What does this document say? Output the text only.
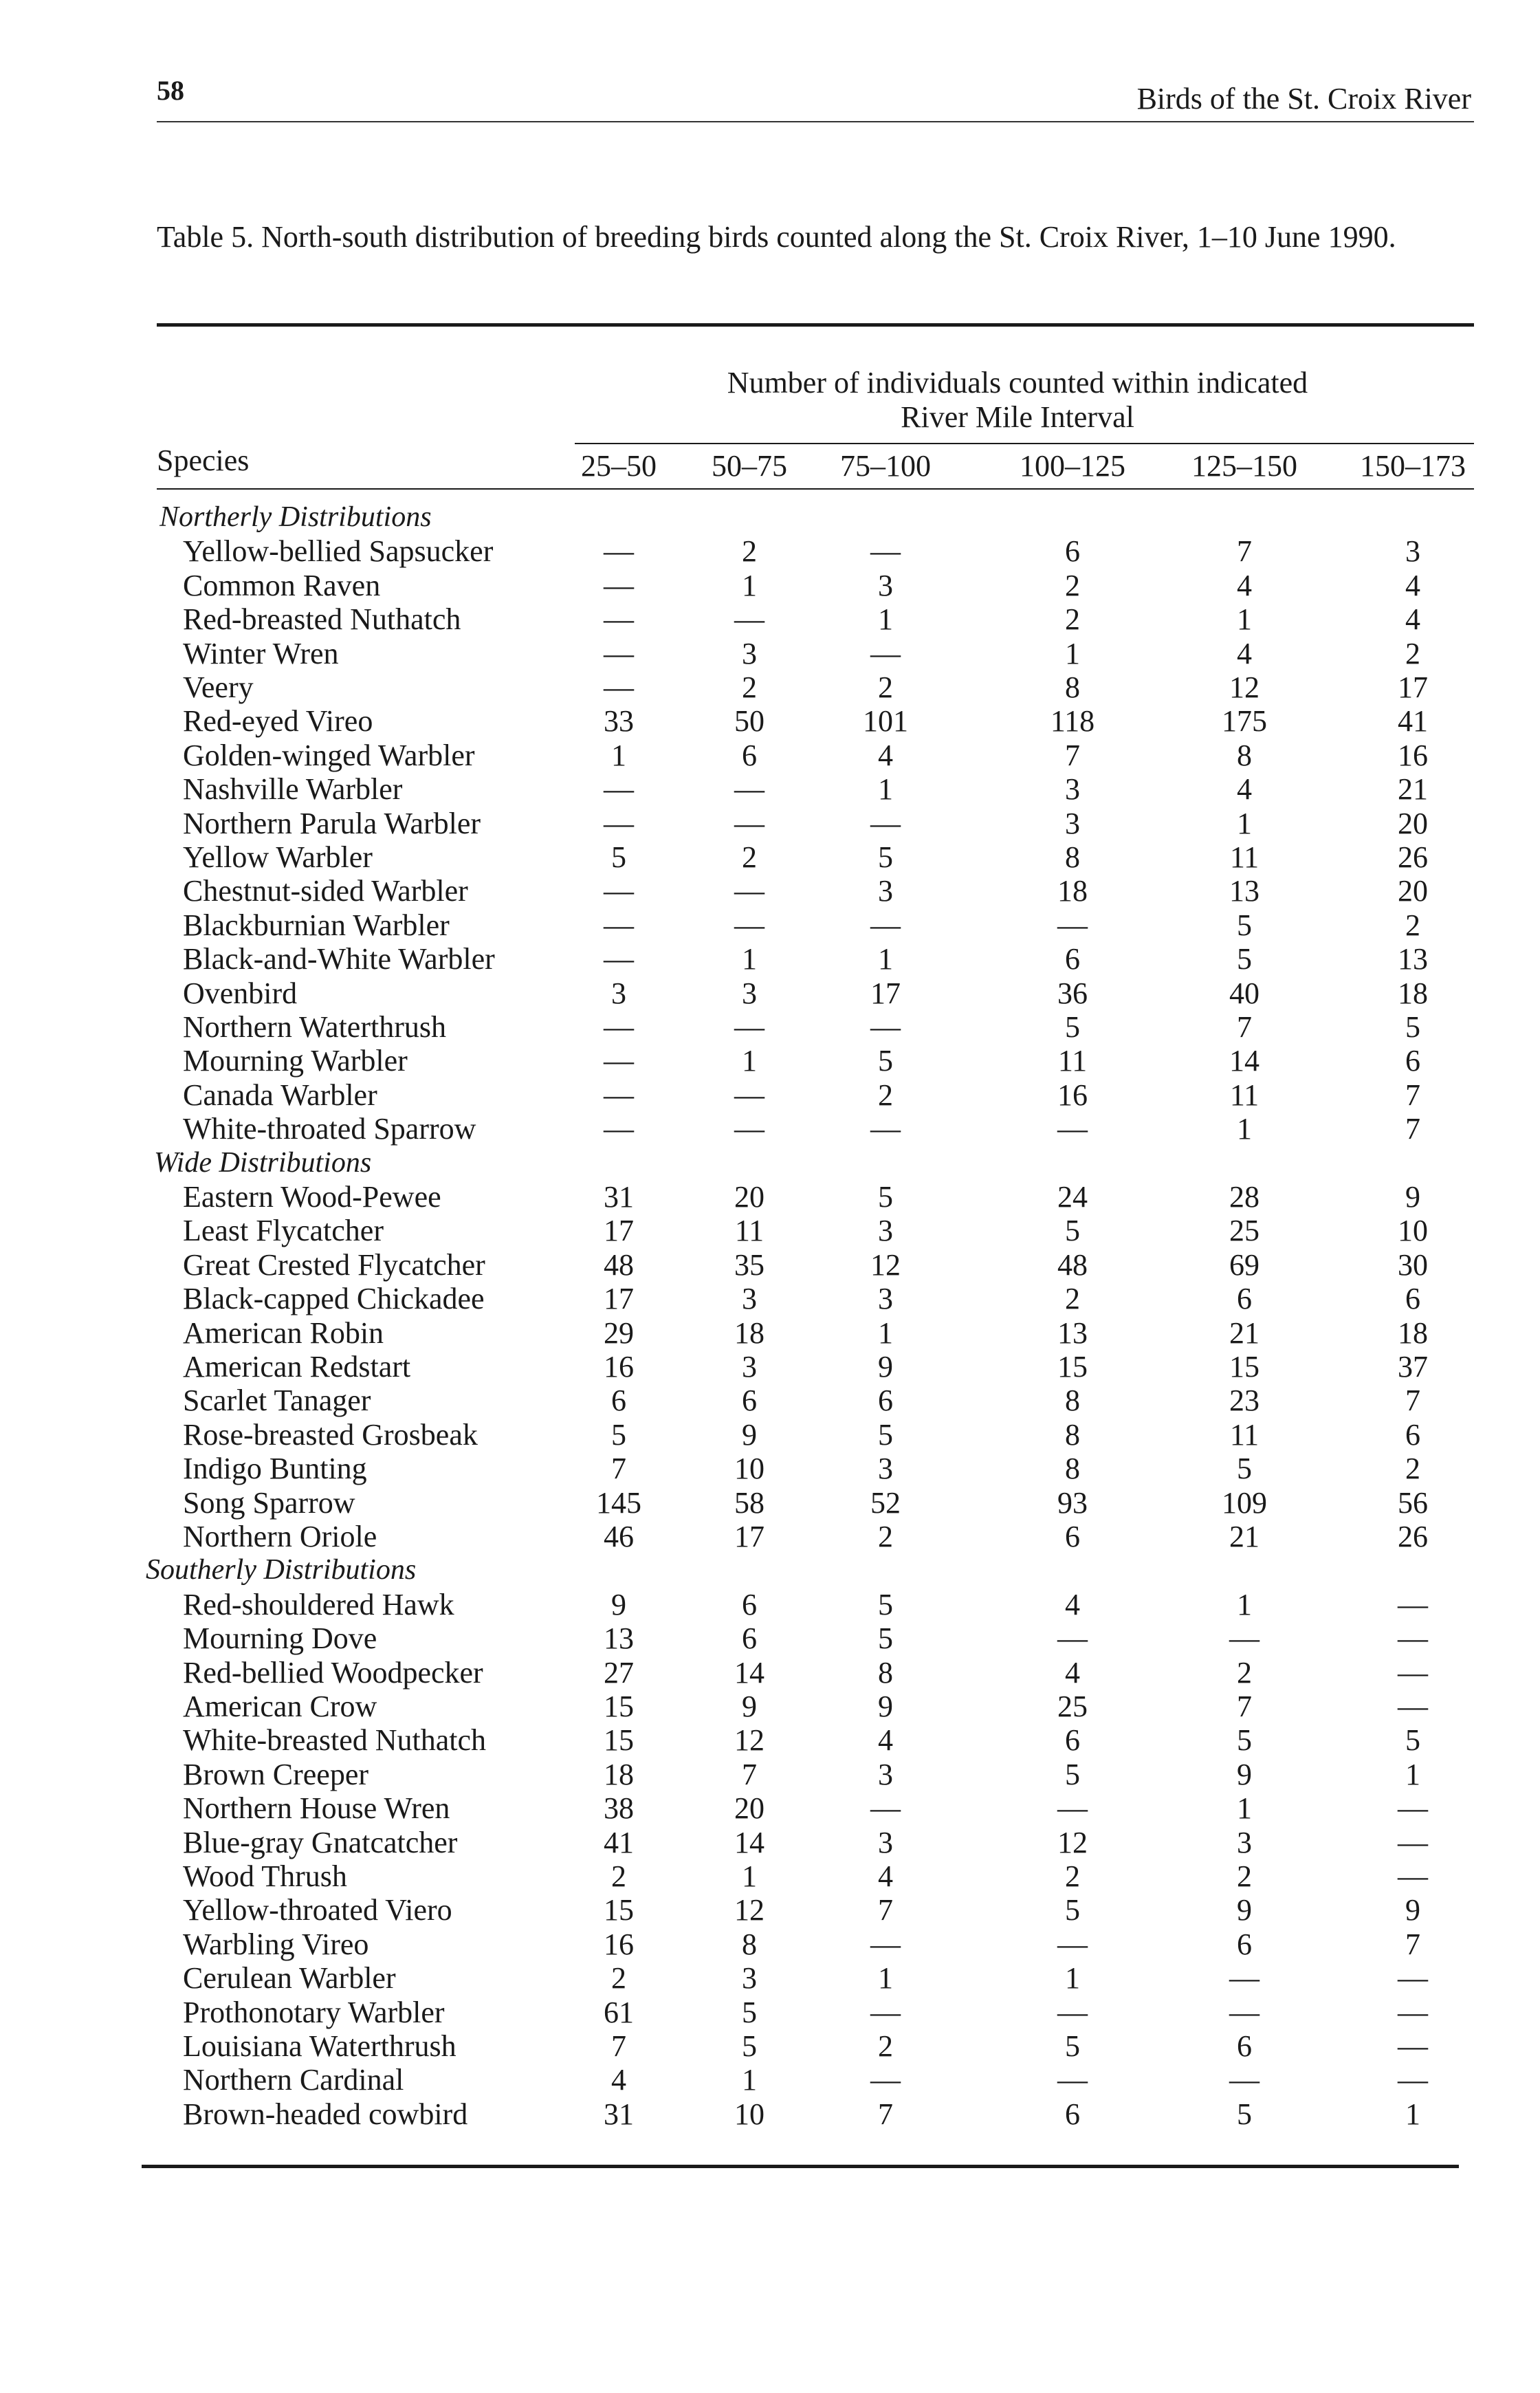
58	Birds of the St. Croix River
Table 5. North-south distribution of breeding birds counted along the St. Croix River, 1–10 June 1990.
Number of individuals counted within indicated
River Mile Interval
Species	25–50	50–75	75–100	100–125	125–150	150–173
Northerly Distributions
Yellow-bellied Sapsucker	—	2	—	6	7	3
Common Raven	—	1	3	2	4	4
Red-breasted Nuthatch	—	—	1	2	1	4
Winter Wren	—	3	—	1	4	2
Veery	—	2	2	8	12	17
Red-eyed Vireo	33	50	101	118	175	41
Golden-winged Warbler	1	6	4	7	8	16
Nashville Warbler	—	—	1	3	4	21
Northern Parula Warbler	—	—	—	3	1	20
Yellow Warbler	5	2	5	8	11	26
Chestnut-sided Warbler	—	—	3	18	13	20
Blackburnian Warbler	—	—	—	—	5	2
Black-and-White Warbler	—	1	1	6	5	13
Ovenbird	3	3	17	36	40	18
Northern Waterthrush	—	—	—	5	7	5
Mourning Warbler	—	1	5	11	14	6
Canada Warbler	—	—	2	16	11	7
White-throated Sparrow	—	—	—	—	1	7
Wide Distributions
Eastern Wood-Pewee	31	20	5	24	28	9
Least Flycatcher	17	11	3	5	25	10
Great Crested Flycatcher	48	35	12	48	69	30
Black-capped Chickadee	17	3	3	2	6	6
American Robin	29	18	1	13	21	18
American Redstart	16	3	9	15	15	37
Scarlet Tanager	6	6	6	8	23	7
Rose-breasted Grosbeak	5	9	5	8	11	6
Indigo Bunting	7	10	3	8	5	2
Song Sparrow	145	58	52	93	109	56
Northern Oriole	46	17	2	6	21	26
Southerly Distributions
Red-shouldered Hawk	9	6	5	4	1	—
Mourning Dove	13	6	5	—	—	—
Red-bellied Woodpecker	27	14	8	4	2	—
American Crow	15	9	9	25	7	—
White-breasted Nuthatch	15	12	4	6	5	5
Brown Creeper	18	7	3	5	9	1
Northern House Wren	38	20	—	—	1	—
Blue-gray Gnatcatcher	41	14	3	12	3	—
Wood Thrush	2	1	4	2	2	—
Yellow-throated Viero	15	12	7	5	9	9
Warbling Vireo	16	8	—	—	6	7
Cerulean Warbler	2	3	1	1	—	—
Prothonotary Warbler	61	5	—	—	—	—
Louisiana Waterthrush	7	5	2	5	6	—
Northern Cardinal	4	1	—	—	—	—
Brown-headed cowbird	31	10	7	6	5	1
